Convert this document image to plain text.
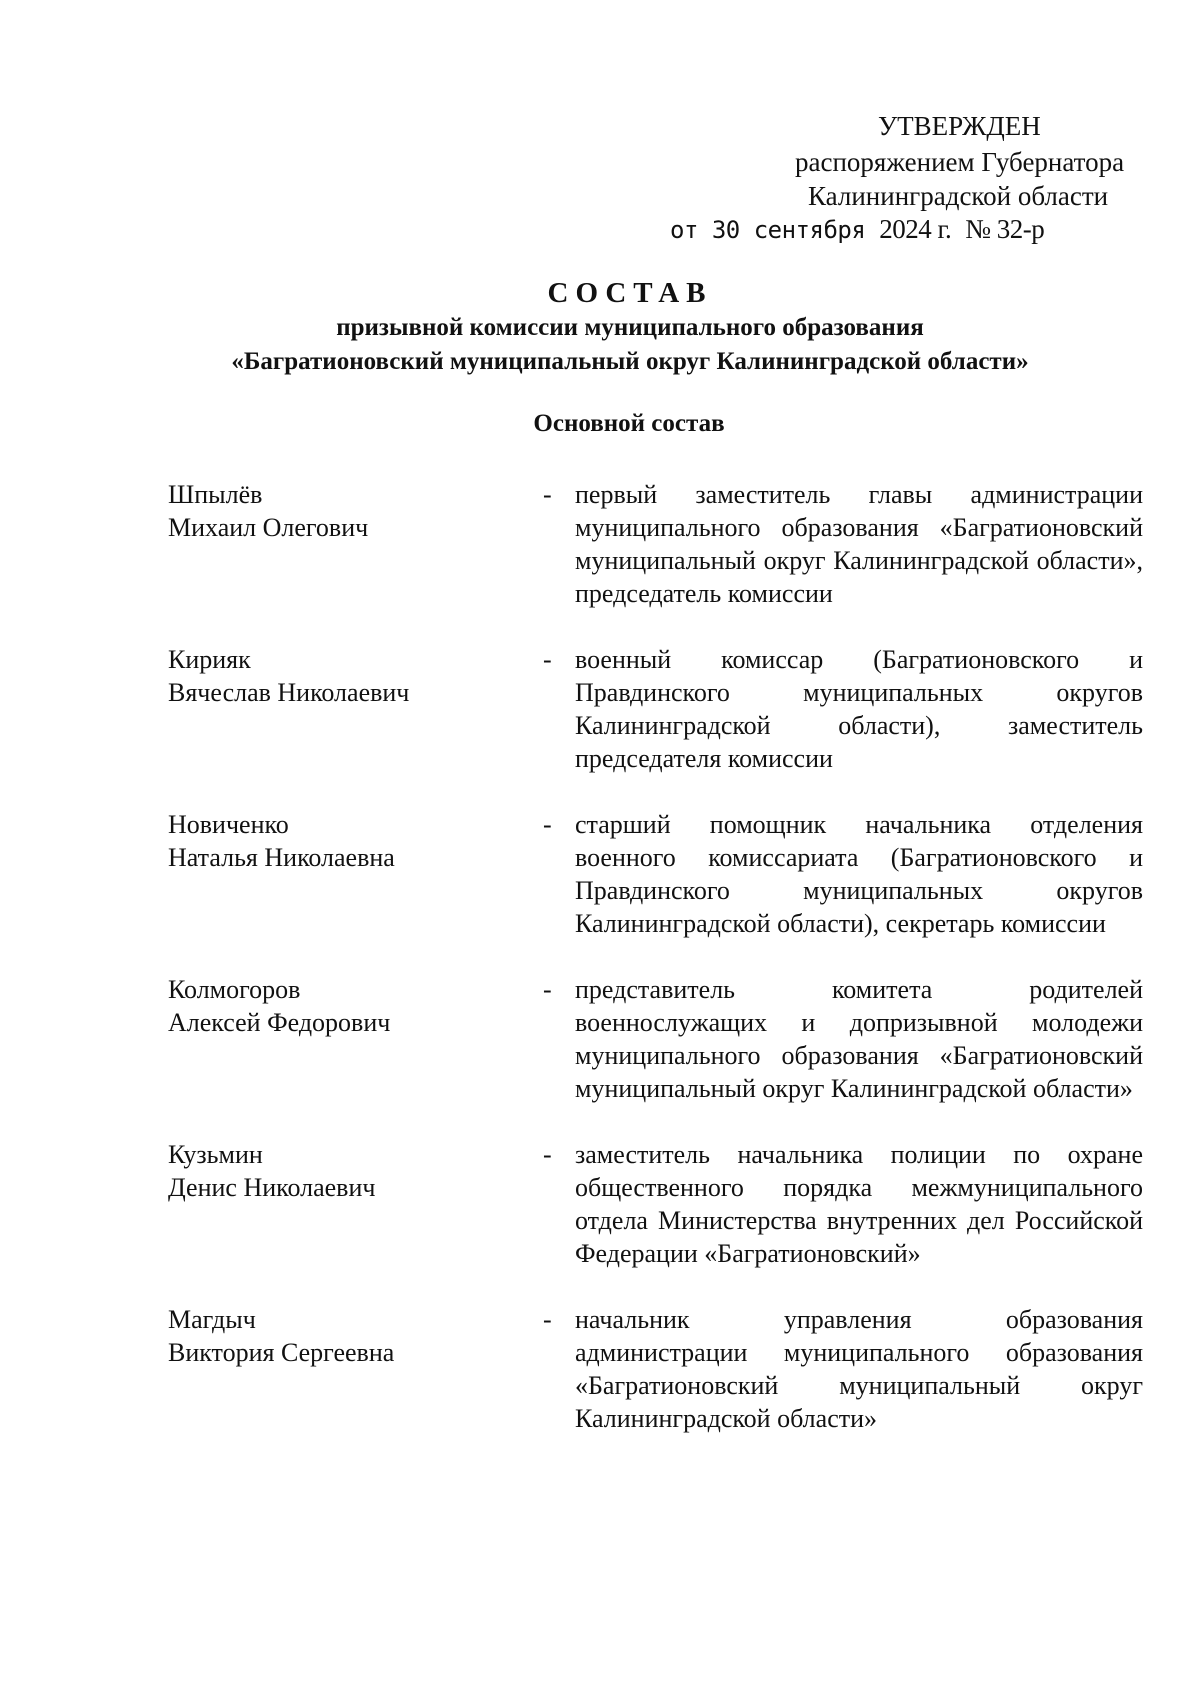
УТВЕРЖДЕН
распоряжением Губернатора
Калининградской области
от 30 сентября 2024 г. № 32-р
СОСТАВ
призывной комиссии муниципального образования
«Багратионовский муниципальный округ Калининградской области»
Основной состав
Шпылёв
Михаил Олегович
- первый заместитель главы администрации муниципального образования «Багратионовский муниципальный округ Калининградской области», председатель комиссии
Кирияк
Вячеслав Николаевич
- военный комиссар (Багратионовского и Правдинского муниципальных округов Калининградской области), заместитель председателя комиссии
Новиченко
Наталья Николаевна
- старший помощник начальника отделения военного комиссариата (Багратионовского и Правдинского муниципальных округов Калининградской области), секретарь комиссии
Колмогоров
Алексей Федорович
- представитель комитета родителей военнослужащих и допризывной молодежи муниципального образования «Багратионовский муниципальный округ Калининградской области»
Кузьмин
Денис Николаевич
- заместитель начальника полиции по охране общественного порядка межмуниципального отдела Министерства внутренних дел Российской Федерации «Багратионовский»
Магдыч
Виктория Сергеевна
- начальник управления образования администрации муниципального образования «Багратионовский муниципальный округ Калининградской области»
